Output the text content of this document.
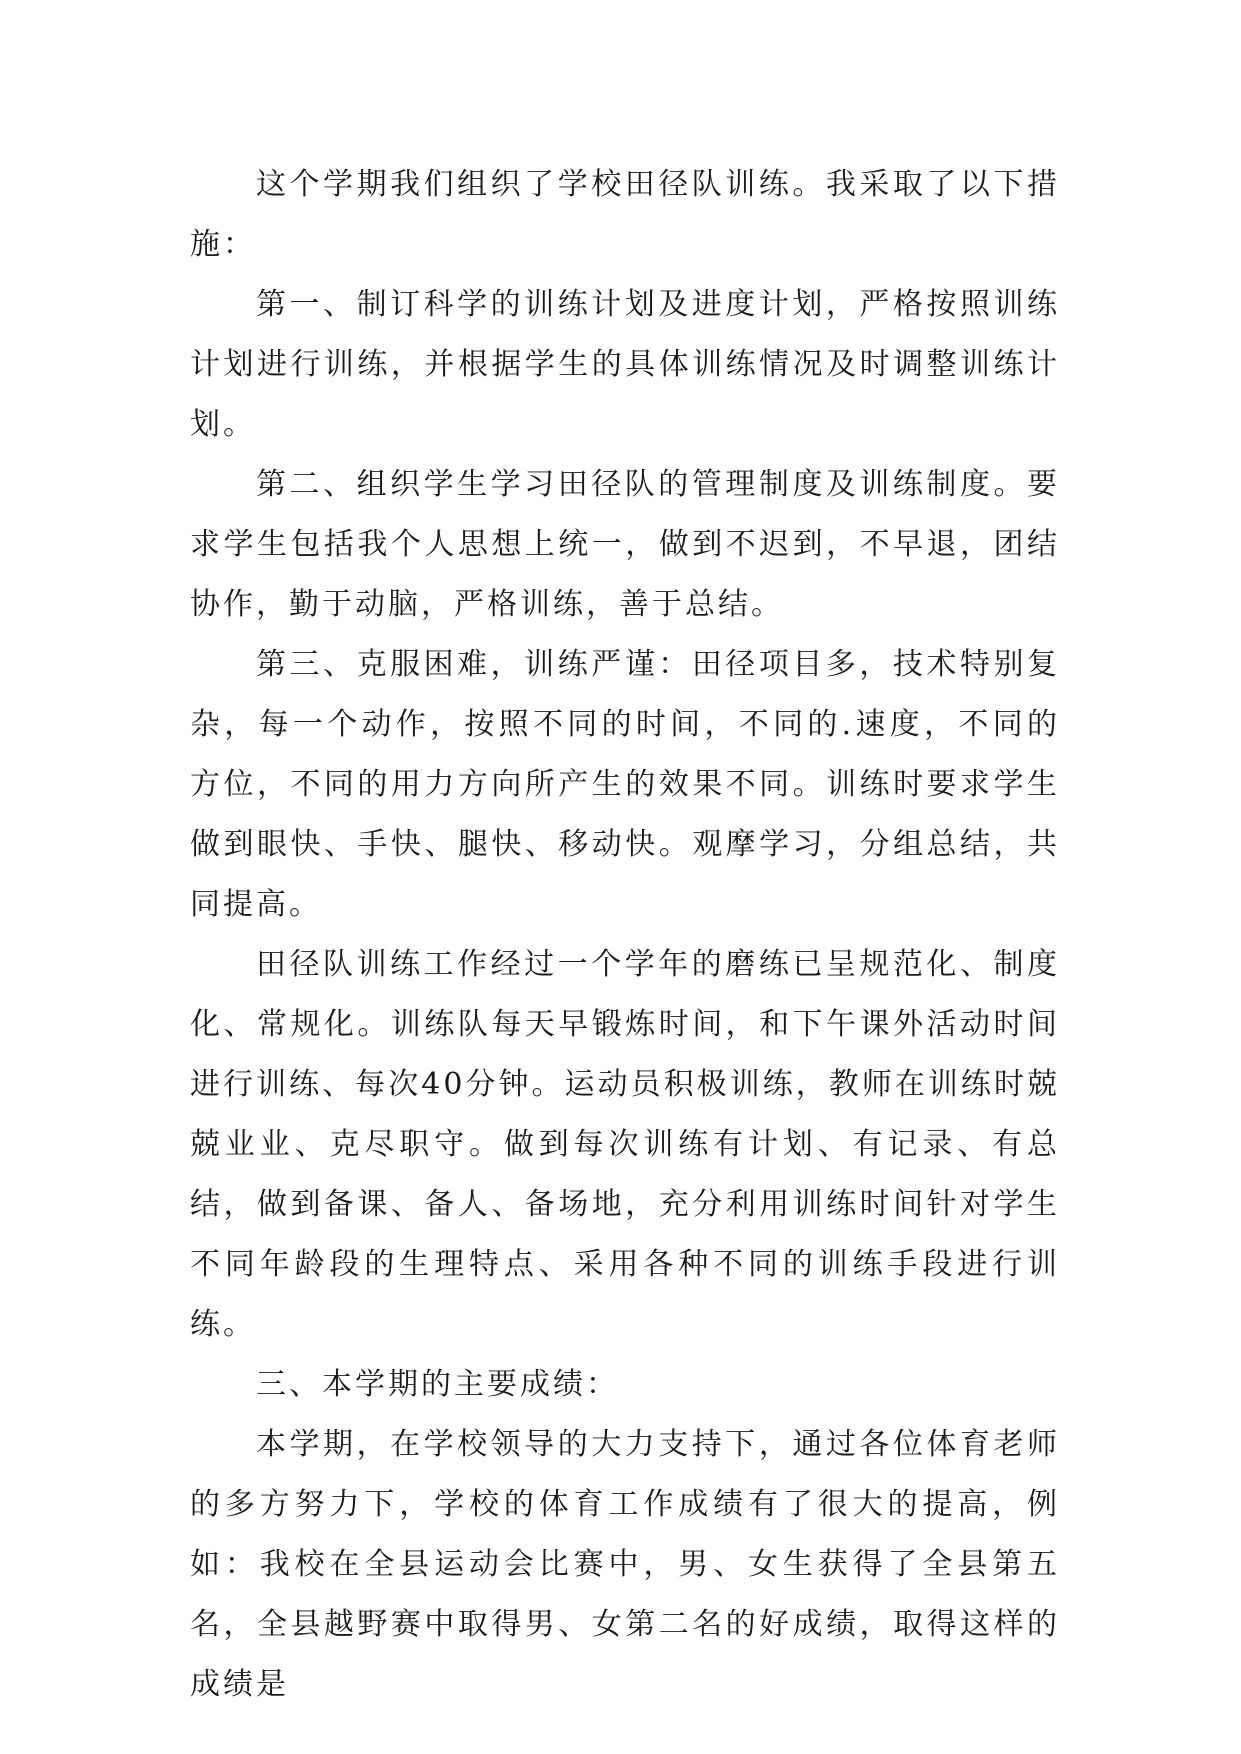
这个学期我们组织了学校田径队训练。我采取了以下措施：

第一、制订科学的训练计划及进度计划，严格按照训练计划进行训练，并根据学生的具体训练情况及时调整训练计划。

第二、组织学生学习田径队的管理制度及训练制度。要求学生包括我个人思想上统一，做到不迟到，不早退，团结协作，勤于动脑，严格训练，善于总结。

第三、克服困难，训练严谨：田径项目多，技术特别复杂，每一个动作，按照不同的时间，不同的.速度，不同的方位，不同的用力方向所产生的效果不同。训练时要求学生做到眼快、手快、腿快、移动快。观摩学习，分组总结，共同提高。

田径队训练工作经过一个学年的磨练已呈规范化、制度化、常规化。训练队每天早锻炼时间，和下午课外活动时间进行训练、每次40分钟。运动员积极训练，教师在训练时兢兢业业、克尽职守。做到每次训练有计划、有记录、有总结，做到备课、备人、备场地，充分利用训练时间针对学生不同年龄段的生理特点、采用各种不同的训练手段进行训练。

三、本学期的主要成绩：

本学期，在学校领导的大力支持下，通过各位体育老师的多方努力下，学校的体育工作成绩有了很大的提高，例如：我校在全县运动会比赛中，男、女生获得了全县第五名，全县越野赛中取得男、女第二名的好成绩，取得这样的成绩是
